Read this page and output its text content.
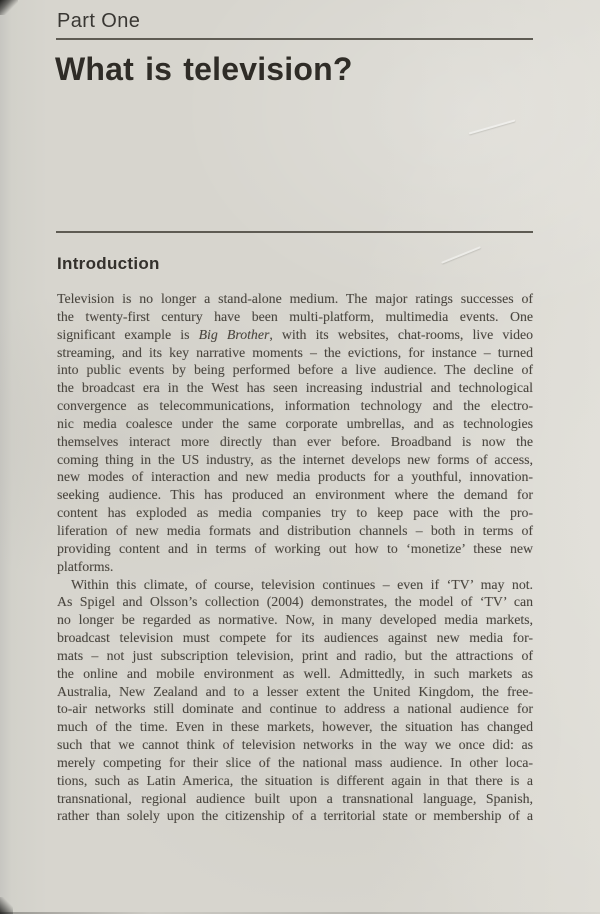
Part One
What is television?
Introduction
Television is no longer a stand-alone medium. The major ratings successes of
the twenty-first century have been multi-platform, multimedia events. One
significant example is Big Brother, with its websites, chat-rooms, live video
streaming, and its key narrative moments – the evictions, for instance – turned
into public events by being performed before a live audience. The decline of
the broadcast era in the West has seen increasing industrial and technological
convergence as telecommunications, information technology and the electro-
nic media coalesce under the same corporate umbrellas, and as technologies
themselves interact more directly than ever before. Broadband is now the
coming thing in the US industry, as the internet develops new forms of access,
new modes of interaction and new media products for a youthful, innovation-
seeking audience. This has produced an environment where the demand for
content has exploded as media companies try to keep pace with the pro-
liferation of new media formats and distribution channels – both in terms of
providing content and in terms of working out how to ‘monetize’ these new
platforms.
Within this climate, of course, television continues – even if ‘TV’ may not.
As Spigel and Olsson’s collection (2004) demonstrates, the model of ‘TV’ can
no longer be regarded as normative. Now, in many developed media markets,
broadcast television must compete for its audiences against new media for-
mats – not just subscription television, print and radio, but the attractions of
the online and mobile environment as well. Admittedly, in such markets as
Australia, New Zealand and to a lesser extent the United Kingdom, the free-
to-air networks still dominate and continue to address a national audience for
much of the time. Even in these markets, however, the situation has changed
such that we cannot think of television networks in the way we once did: as
merely competing for their slice of the national mass audience. In other loca-
tions, such as Latin America, the situation is different again in that there is a
transnational, regional audience built upon a transnational language, Spanish,
rather than solely upon the citizenship of a territorial state or membership of a
